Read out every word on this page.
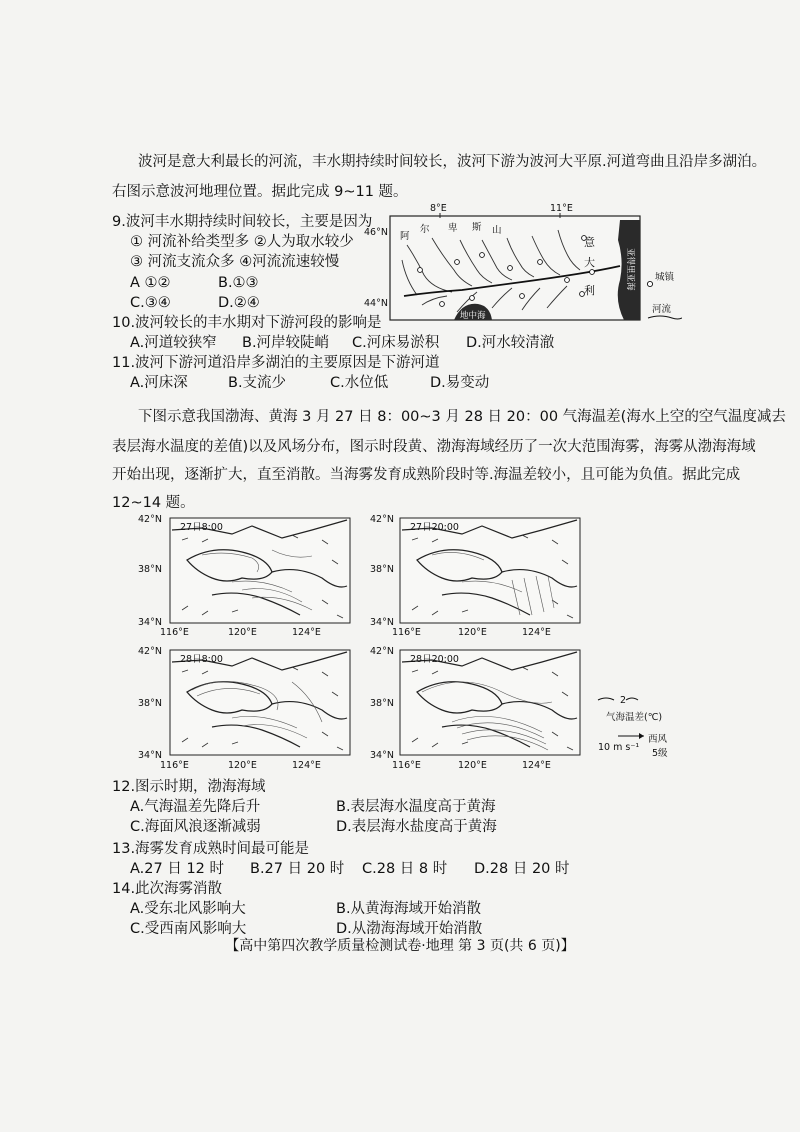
波河是意大利最长的河流，丰水期持续时间较长，波河下游为波河大平原.河道弯曲且沿岸多湖泊。
右图示意波河地理位置。据此完成 9~11 题。
9.波河丰水期持续时间较长，主要是因为
① 河流补给类型多 ②人为取水较少
③ 河流支流众多 ④河流流速较慢
A ①②	B.①③
C.③④	D.②④
8°E	11°E
46°N
44°N
阿
尔 卑 斯 山
意
大
利	亚得里亚海
地中海
城镇
河流
10.波河较长的丰水期对下游河段的影响是
A.河道较狭窄 B.河岸较陡峭 C.河床易淤积 D.河水较清澈
11.波河下游河道沿岸多湖泊的主要原因是下游河道
A.河床深	B.支流少	C.水位低	D.易变动
下图示意我国渤海、黄海 3 月 27 日 8：00~3 月 28 日 20：00 气海温差(海水上空的空气温度减去
表层海水温度的差值)以及风场分布，图示时段黄、渤海海域经历了一次大范围海雾，海雾从渤海海域
开始出现，逐渐扩大，直至消散。当海雾发育成熟阶段时等.海温差较小，且可能为负值。据此完成
12~14 题。
27日8:00	27日20:00
28日8:00	28日20:00
42°N
38°N
34°N
116°E	120°E	124°E
42°N
38°N
34°N
116°E	120°E	124°E
42°N
38°N
34°N
116°E	120°E	124°E
42°N
38°N
34°N
116°E	120°E	124°E
2
气海温差(℃)
10 m s⁻¹
西风
5级
12.图示时期，渤海海域
A.气海温差先降后升	B.表层海水温度高于黄海
C.海面风浪逐渐减弱	D.表层海水盐度高于黄海
13.海雾发育成熟时间最可能是
A.27 日 12 时 B.27 日 20 时 C.28 日 8 时 D.28 日 20 时
14.此次海雾消散
A.受东北风影响大	B.从黄海海域开始消散
C.受西南风影响大	D.从渤海海域开始消散
【高中第四次教学质量检测试卷·地理 第 3 页(共 6 页)】
